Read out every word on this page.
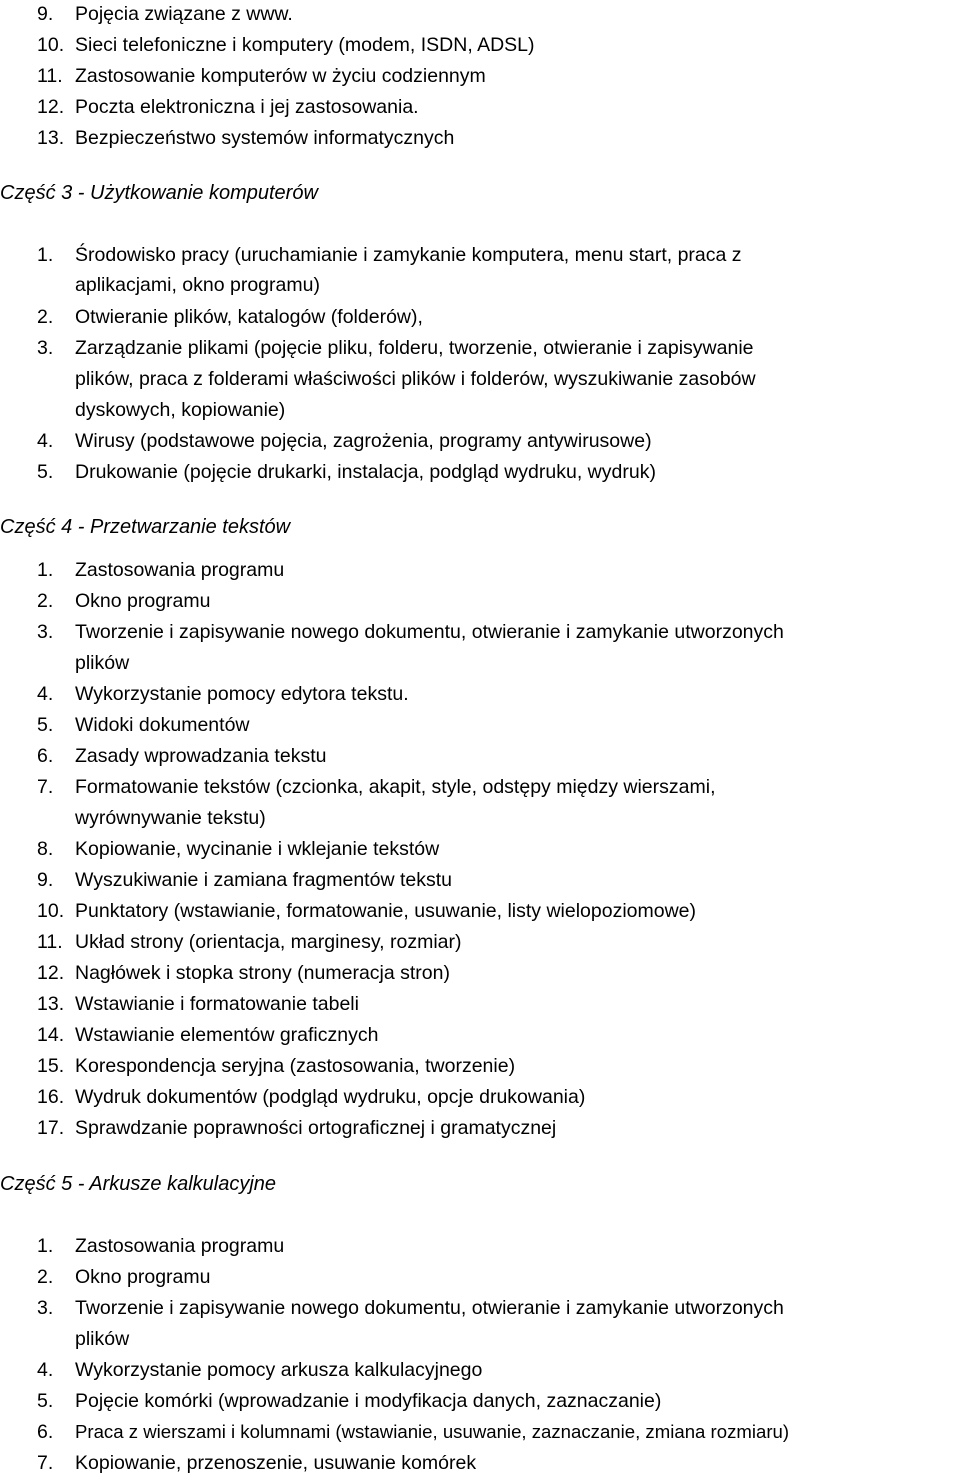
9. Pojęcia związane z www.
10. Sieci telefoniczne i komputery (modem, ISDN, ADSL)
11. Zastosowanie komputerów w życiu codziennym
12. Poczta elektroniczna i jej zastosowania.
13. Bezpieczeństwo systemów informatycznych
Część 3 - Użytkowanie komputerów
1. Środowisko pracy (uruchamianie i zamykanie komputera, menu start, praca z
aplikacjami, okno programu)
2. Otwieranie plików, katalogów (folderów),
3. Zarządzanie plikami (pojęcie pliku, folderu, tworzenie, otwieranie i zapisywanie
plików, praca z folderami właściwości plików i folderów, wyszukiwanie zasobów
dyskowych, kopiowanie)
4. Wirusy (podstawowe pojęcia, zagrożenia, programy antywirusowe)
5. Drukowanie (pojęcie drukarki, instalacja, podgląd wydruku, wydruk)
Część 4 - Przetwarzanie tekstów
1. Zastosowania programu
2. Okno programu
3. Tworzenie i zapisywanie nowego dokumentu, otwieranie i zamykanie utworzonych
plików
4. Wykorzystanie pomocy edytora tekstu.
5. Widoki dokumentów
6. Zasady wprowadzania tekstu
7. Formatowanie tekstów (czcionka, akapit, style, odstępy między wierszami,
wyrównywanie tekstu)
8. Kopiowanie, wycinanie i wklejanie tekstów
9. Wyszukiwanie i zamiana fragmentów tekstu
10. Punktatory (wstawianie, formatowanie, usuwanie, listy wielopoziomowe)
11. Układ strony (orientacja, marginesy, rozmiar)
12. Nagłówek i stopka strony (numeracja stron)
13. Wstawianie i formatowanie tabeli
14. Wstawianie elementów graficznych
15. Korespondencja seryjna (zastosowania, tworzenie)
16. Wydruk dokumentów (podgląd wydruku, opcje drukowania)
17. Sprawdzanie poprawności ortograficznej i gramatycznej
Część 5 - Arkusze kalkulacyjne
1. Zastosowania programu
2. Okno programu
3. Tworzenie i zapisywanie nowego dokumentu, otwieranie i zamykanie utworzonych
plików
4. Wykorzystanie pomocy arkusza kalkulacyjnego
5. Pojęcie komórki (wprowadzanie i modyfikacja danych, zaznaczanie)
6. Praca z wierszami i kolumnami (wstawianie, usuwanie, zaznaczanie, zmiana rozmiaru)
7. Kopiowanie, przenoszenie, usuwanie komórek
